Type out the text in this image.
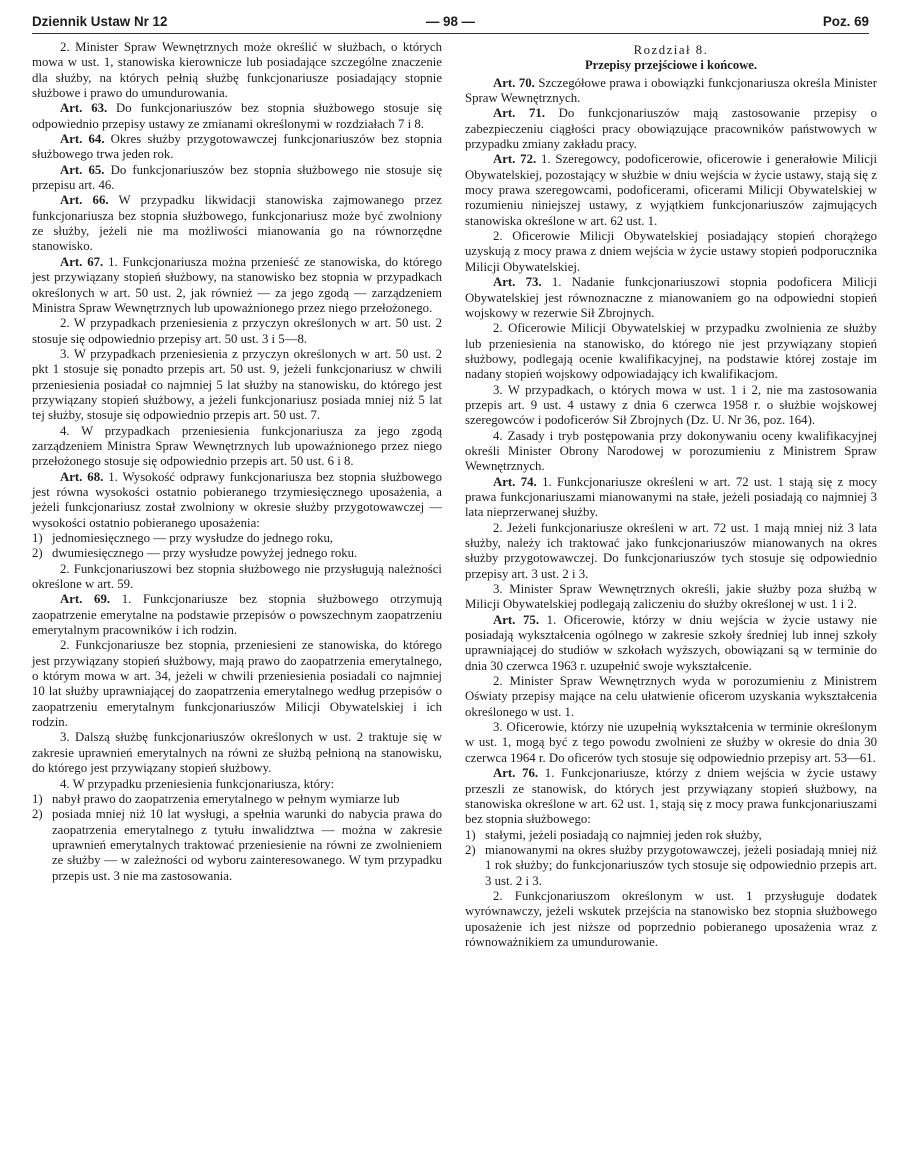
Dziennik Ustaw Nr 12	— 98 —	Poz. 69

2. Minister Spraw Wewnętrznych może określić w służbach, o których mowa w ust. 1, stanowiska kierownicze lub posiadające szczególne znaczenie dla służby, na których pełnią służbę funkcjonariusze posiadający stopnie służbowe i prawo do umundurowania.

Art. 63. Do funkcjonariuszów bez stopnia służbowego stosuje się odpowiednio przepisy ustawy ze zmianami określonymi w rozdziałach 7 i 8.

Art. 64. Okres służby przygotowawczej funkcjonariuszów bez stopnia służbowego trwa jeden rok.

Art. 65. Do funkcjonariuszów bez stopnia służbowego nie stosuje się przepisu art. 46.

Art. 66. W przypadku likwidacji stanowiska zajmowanego przez funkcjonariusza bez stopnia służbowego, funkcjonariusz może być zwolniony ze służby, jeżeli nie ma możliwości mianowania go na równorzędne stanowisko.

Art. 67. 1. Funkcjonariusza można przenieść ze stanowiska, do którego jest przywiązany stopień służbowy, na stanowisko bez stopnia w przypadkach określonych w art. 50 ust. 2, jak również — za jego zgodą — zarządzeniem Ministra Spraw Wewnętrznych lub upoważnionego przez niego przełożonego.

2. W przypadkach przeniesienia z przyczyn określonych w art. 50 ust. 2 stosuje się odpowiednio przepisy art. 50 ust. 3 i 5—8.

3. W przypadkach przeniesienia z przyczyn określonych w art. 50 ust. 2 pkt 1 stosuje się ponadto przepis art. 50 ust. 9, jeżeli funkcjonariusz w chwili przeniesienia posiadał co najmniej 5 lat służby na stanowisku, do którego jest przywiązany stopień służbowy, a jeżeli funkcjonariusz posiada mniej niż 5 lat tej służby, stosuje się odpowiednio przepis art. 50 ust. 7.

4. W przypadkach przeniesienia funkcjonariusza za jego zgodą zarządzeniem Ministra Spraw Wewnętrznych lub upoważnionego przez niego przełożonego stosuje się odpowiednio przepis art. 50 ust. 6 i 8.

Art. 68. 1. Wysokość odprawy funkcjonariusza bez stopnia służbowego jest równa wysokości ostatnio pobieranego trzymiesięcznego uposażenia, a jeżeli funkcjonariusz został zwolniony w okresie służby przygotowawczej — wysokości ostatnio pobieranego uposażenia:

1) jednomiesięcznego — przy wysłudze do jednego roku,

2) dwumiesięcznego — przy wysłudze powyżej jednego roku.

2. Funkcjonariuszowi bez stopnia służbowego nie przysługują należności określone w art. 59.

Art. 69. 1. Funkcjonariusze bez stopnia służbowego otrzymują zaopatrzenie emerytalne na podstawie przepisów o powszechnym zaopatrzeniu emerytalnym pracowników i ich rodzin.

2. Funkcjonariusze bez stopnia, przeniesieni ze stanowiska, do którego jest przywiązany stopień służbowy, mają prawo do zaopatrzenia emerytalnego, o którym mowa w art. 34, jeżeli w chwili przeniesienia posiadali co najmniej 10 lat służby uprawniającej do zaopatrzenia emerytalnego według przepisów o zaopatrzeniu emerytalnym funkcjonariuszów Milicji Obywatelskiej i ich rodzin.

3. Dalszą służbę funkcjonariuszów określonych w ust. 2 traktuje się w zakresie uprawnień emerytalnych na równi ze służbą pełnioną na stanowisku, do którego jest przywiązany stopień służbowy.

4. W przypadku przeniesienia funkcjonariusza, który:

1) nabył prawo do zaopatrzenia emerytalnego w pełnym wymiarze lub

2) posiada mniej niż 10 lat wysługi, a spełnia warunki do nabycia prawa do zaopatrzenia emerytalnego z tytułu inwalidztwa — można w zakresie uprawnień emerytalnych traktować przeniesienie na równi ze zwolnieniem ze służby — w zależności od wyboru zainteresowanego. W tym przypadku przepis ust. 3 nie ma zastosowania.

Rozdział 8.

Przepisy przejściowe i końcowe.

Art. 70. Szczegółowe prawa i obowiązki funkcjonariusza określa Minister Spraw Wewnętrznych.

Art. 71. Do funkcjonariuszów mają zastosowanie przepisy o zabezpieczeniu ciągłości pracy obowiązujące pracowników państwowych w przypadku zmiany zakładu pracy.

Art. 72. 1. Szeregowcy, podoficerowie, oficerowie i generałowie Milicji Obywatelskiej, pozostający w służbie w dniu wejścia w życie ustawy, stają się z mocy prawa szeregowcami, podoficerami, oficerami Milicji Obywatelskiej w rozumieniu niniejszej ustawy, z wyjątkiem funkcjonariuszów zajmujących stanowiska określone w art. 62 ust. 1.

2. Oficerowie Milicji Obywatelskiej posiadający stopień chorążego uzyskują z mocy prawa z dniem wejścia w życie ustawy stopień podporucznika Milicji Obywatelskiej.

Art. 73. 1. Nadanie funkcjonariuszowi stopnia podoficera Milicji Obywatelskiej jest równoznaczne z mianowaniem go na odpowiedni stopień wojskowy w rezerwie Sił Zbrojnych.

2. Oficerowie Milicji Obywatelskiej w przypadku zwolnienia ze służby lub przeniesienia na stanowisko, do którego nie jest przywiązany stopień służbowy, podlegają ocenie kwalifikacyjnej, na podstawie której zostaje im nadany stopień wojskowy odpowiadający ich kwalifikacjom.

3. W przypadkach, o których mowa w ust. 1 i 2, nie ma zastosowania przepis art. 9 ust. 4 ustawy z dnia 6 czerwca 1958 r. o służbie wojskowej szeregowców i podoficerów Sił Zbrojnych (Dz. U. Nr 36, poz. 164).

4. Zasady i tryb postępowania przy dokonywaniu oceny kwalifikacyjnej określi Minister Obrony Narodowej w porozumieniu z Ministrem Spraw Wewnętrznych.

Art. 74. 1. Funkcjonariusze określeni w art. 72 ust. 1 stają się z mocy prawa funkcjonariuszami mianowanymi na stałe, jeżeli posiadają co najmniej 3 lata nieprzerwanej służby.

2. Jeżeli funkcjonariusze określeni w art. 72 ust. 1 mają mniej niż 3 lata służby, należy ich traktować jako funkcjonariuszów mianowanych na okres służby przygotowawczej. Do funkcjonariuszów tych stosuje się odpowiednio przepisy art. 3 ust. 2 i 3.

3. Minister Spraw Wewnętrznych określi, jakie służby poza służbą w Milicji Obywatelskiej podlegają zaliczeniu do służby określonej w ust. 1 i 2.

Art. 75. 1. Oficerowie, którzy w dniu wejścia w życie ustawy nie posiadają wykształcenia ogólnego w zakresie szkoły średniej lub innej szkoły uprawniającej do studiów w szkołach wyższych, obowiązani są w terminie do dnia 30 czerwca 1963 r. uzupełnić swoje wykształcenie.

2. Minister Spraw Wewnętrznych wyda w porozumieniu z Ministrem Oświaty przepisy mające na celu ułatwienie oficerom uzyskania wykształcenia określonego w ust. 1.

3. Oficerowie, którzy nie uzupełnią wykształcenia w terminie określonym w ust. 1, mogą być z tego powodu zwolnieni ze służby w okresie do dnia 30 czerwca 1964 r. Do oficerów tych stosuje się odpowiednio przepisy art. 53—61.

Art. 76. 1. Funkcjonariusze, którzy z dniem wejścia w życie ustawy przeszli ze stanowisk, do których jest przywiązany stopień służbowy, na stanowiska określone w art. 62 ust. 1, stają się z mocy prawa funkcjonariuszami bez stopnia służbowego:

1) stałymi, jeżeli posiadają co najmniej jeden rok służby,

2) mianowanymi na okres służby przygotowawczej, jeżeli posiadają mniej niż 1 rok służby; do funkcjonariuszów tych stosuje się odpowiednio przepis art. 3 ust. 2 i 3.

2. Funkcjonariuszom określonym w ust. 1 przysługuje dodatek wyrównawczy, jeżeli wskutek przejścia na stanowisko bez stopnia służbowego uposażenie ich jest niższe od poprzednio pobieranego uposażenia wraz z równoważnikiem za umundurowanie.
